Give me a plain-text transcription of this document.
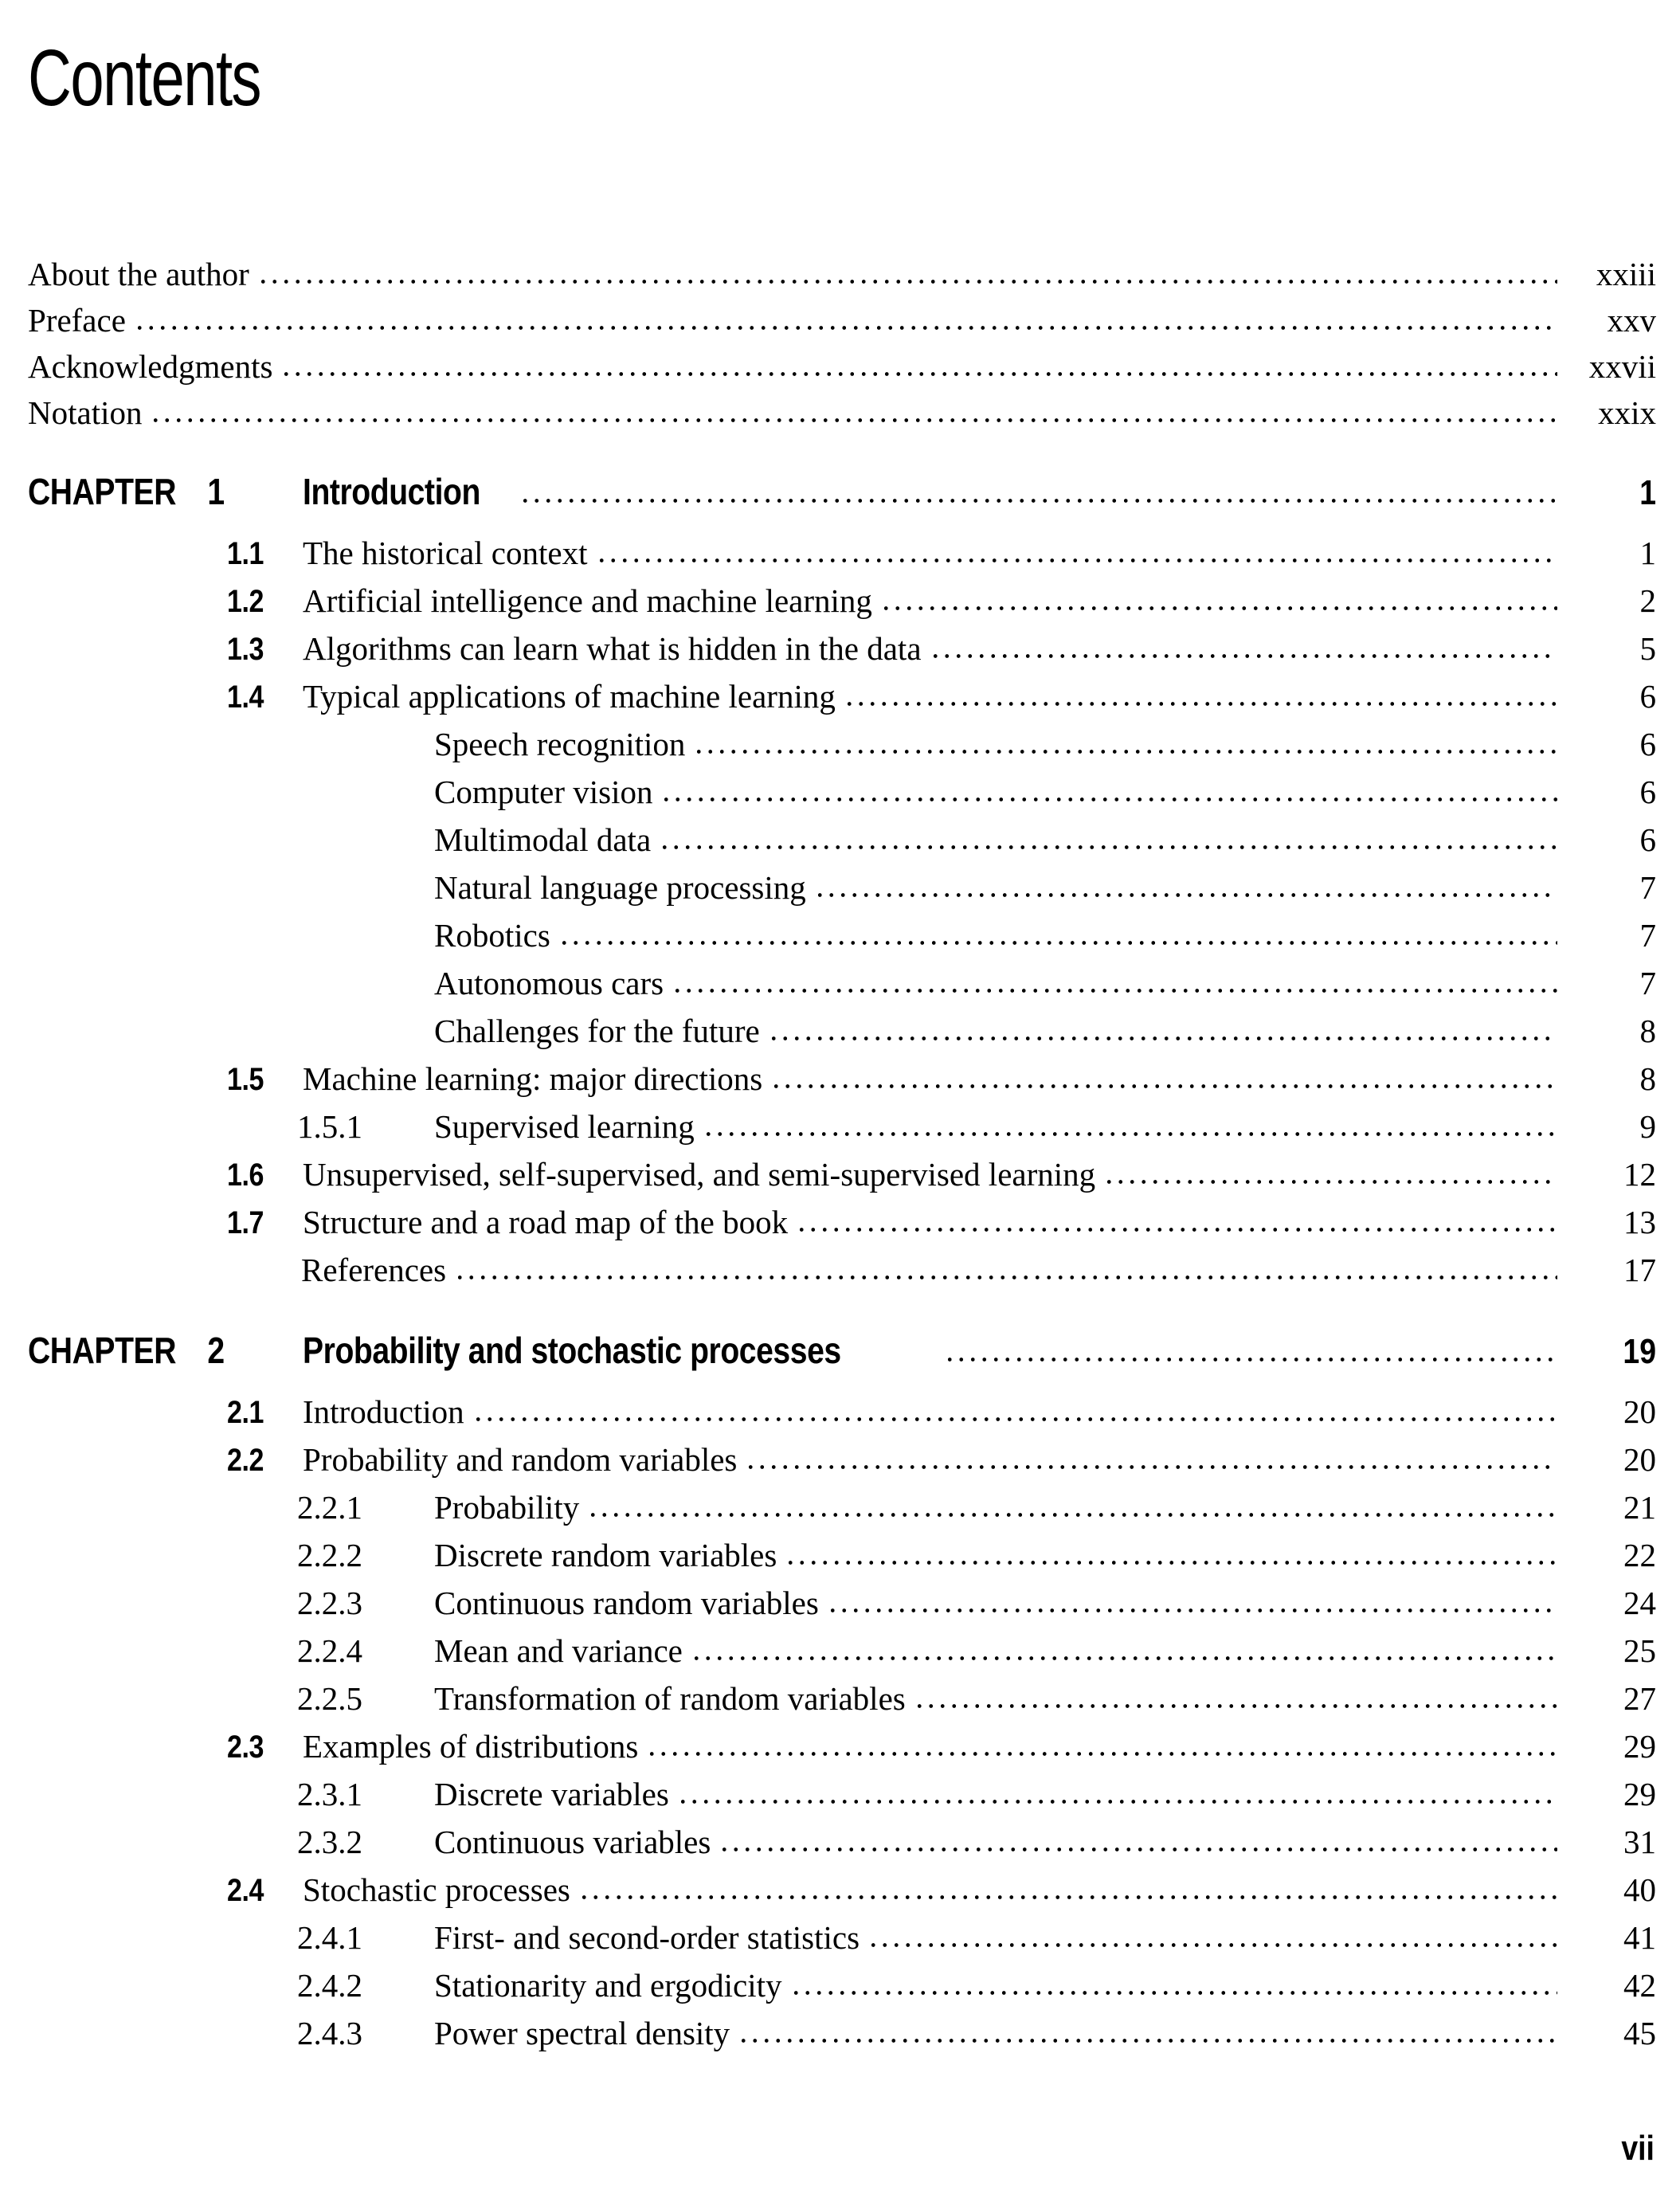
Contents
About the author	xxiii
Preface	xxv
Acknowledgments	xxvii
Notation	xxix
CHAPTER 1	Introduction	1
1.1	The historical context	1
1.2	Artificial intelligence and machine learning	2
1.3	Algorithms can learn what is hidden in the data	5
1.4	Typical applications of machine learning	6
Speech recognition	6
Computer vision	6
Multimodal data	6
Natural language processing	7
Robotics	7
Autonomous cars	7
Challenges for the future	8
1.5	Machine learning: major directions	8
1.5.1	Supervised learning	9
1.6	Unsupervised, self-supervised, and semi-supervised learning	12
1.7	Structure and a road map of the book	13
References	17
CHAPTER 2	Probability and stochastic processes	19
2.1	Introduction	20
2.2	Probability and random variables	20
2.2.1	Probability	21
2.2.2	Discrete random variables	22
2.2.3	Continuous random variables	24
2.2.4	Mean and variance	25
2.2.5	Transformation of random variables	27
2.3	Examples of distributions	29
2.3.1	Discrete variables	29
2.3.2	Continuous variables	31
2.4	Stochastic processes	40
2.4.1	First- and second-order statistics	41
2.4.2	Stationarity and ergodicity	42
2.4.3	Power spectral density	45
vii
